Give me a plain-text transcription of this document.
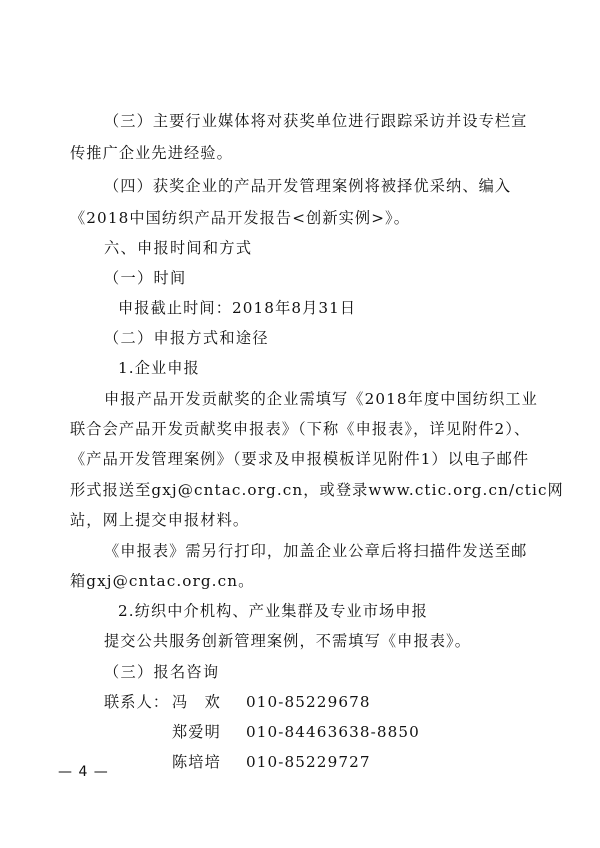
（三）主要行业媒体将对获奖单位进行跟踪采访并设专栏宣
传推广企业先进经验。
（四）获奖企业的产品开发管理案例将被择优采纳、编入
《2018中国纺织产品开发报告<创新实例>》。
六、申报时间和方式
（一）时间
申报截止时间：2018年8月31日
（二）申报方式和途径
1.企业申报
申报产品开发贡献奖的企业需填写《2018年度中国纺织工业
联合会产品开发贡献奖申报表》（下称《申报表》，详见附件2）、
《产品开发管理案例》（要求及申报模板详见附件1）以电子邮件
形式报送至gxj@cntac.org.cn，或登录www.ctic.org.cn/ctic网
站，网上提交申报材料。
《申报表》需另行打印，加盖企业公章后将扫描件发送至邮
箱gxj@cntac.org.cn。
2.纺织中介机构、产业集群及专业市场申报
提交公共服务创新管理案例，不需填写《申报表》。
（三）报名咨询
联系人： 冯　欢 010-85229678
郑爱明 010-84463638-8850
陈培培 010-85229727
— 4 —
